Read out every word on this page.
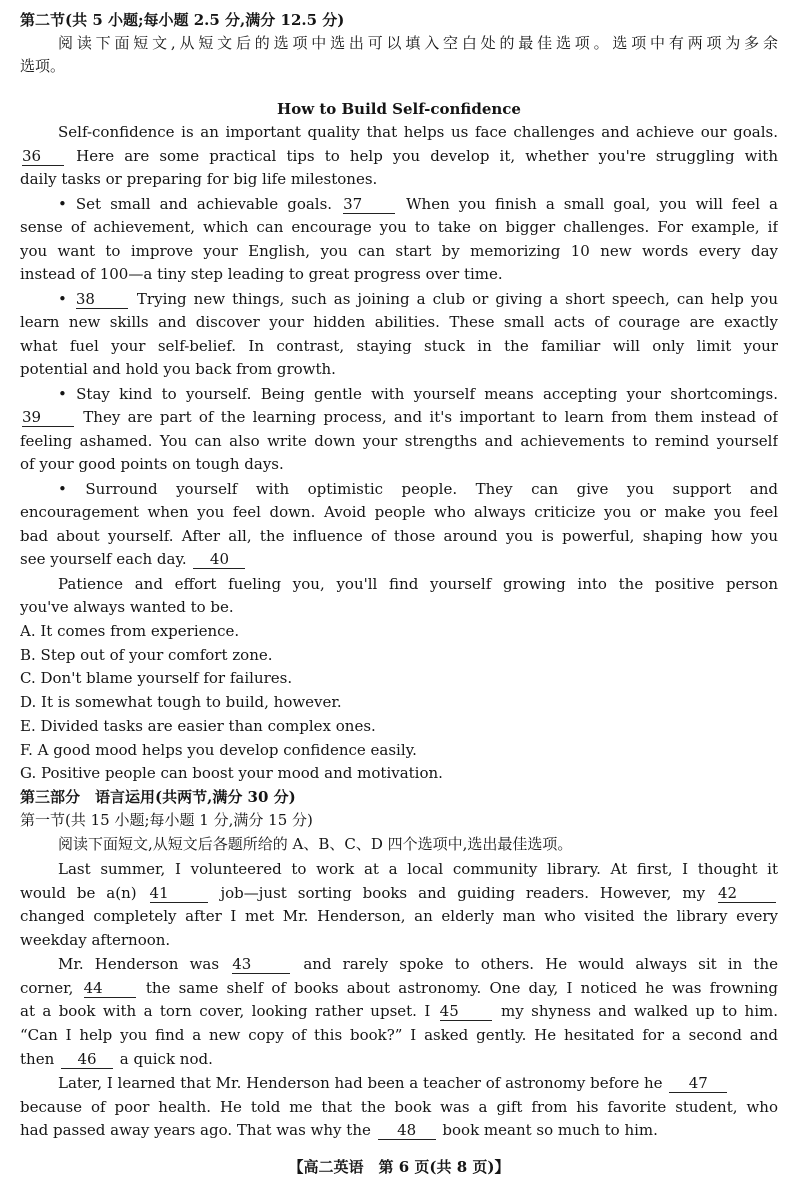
第二节(共 5 小题;每小题 2.5 分,满分 12.5 分)
阅读下面短文,从短文后的选项中选出可以填入空白处的最佳选项。选项中有两项为多余
选项。
How to Build Self-confidence
Self-confidence is an important quality that helps us face challenges and achieve our goals.
36 Here are some practical tips to help you develop it, whether you're struggling with
daily tasks or preparing for big life milestones.
• Set small and achievable goals. 37 When you finish a small goal, you will feel a
sense of achievement, which can encourage you to take on bigger challenges. For example, if
you want to improve your English, you can start by memorizing 10 new words every day
instead of 100—a tiny step leading to great progress over time.
• 38 Trying new things, such as joining a club or giving a short speech, can help you
learn new skills and discover your hidden abilities. These small acts of courage are exactly
what fuel your self-belief. In contrast, staying stuck in the familiar will only limit your
potential and hold you back from growth.
• Stay kind to yourself. Being gentle with yourself means accepting your shortcomings.
39 They are part of the learning process, and it's important to learn from them instead of
feeling ashamed. You can also write down your strengths and achievements to remind yourself
of your good points on tough days.
• Surround yourself with optimistic people. They can give you support and
encouragement when you feel down. Avoid people who always criticize you or make you feel
bad about yourself. After all, the influence of those around you is powerful, shaping how you
see yourself each day. 40
Patience and effort fueling you, you'll find yourself growing into the positive person
you've always wanted to be.
A. It comes from experience.
B. Step out of your comfort zone.
C. Don't blame yourself for failures.
D. It is somewhat tough to build, however.
E. Divided tasks are easier than complex ones.
F. A good mood helps you develop confidence easily.
G. Positive people can boost your mood and motivation.
第三部分　语言运用(共两节,满分 30 分)
第一节(共 15 小题;每小题 1 分,满分 15 分)
阅读下面短文,从短文后各题所给的 A、B、C、D 四个选项中,选出最佳选项。
Last summer, I volunteered to work at a local community library. At first, I thought it
would be a(n) 41	job—just sorting books and guiding readers. However, my 42
changed completely after I met Mr. Henderson, an elderly man who visited the library every
weekday afternoon.
Mr. Henderson was 43	and rarely spoke to others. He would always sit in the
corner, 44 the same shelf of books about astronomy. One day, I noticed he was frowning
at a book with a torn cover, looking rather upset. I 45 my shyness and walked up to him.
“Can I help you find a new copy of this book?” I asked gently. He hesitated for a second and
then 46 a quick nod.
Later, I learned that Mr. Henderson had been a teacher of astronomy before he 47
because of poor health. He told me that the book was a gift from his favorite student, who
had passed away years ago. That was why the 48 book meant so much to him.
【高二英语　第 6 页(共 8 页)】
